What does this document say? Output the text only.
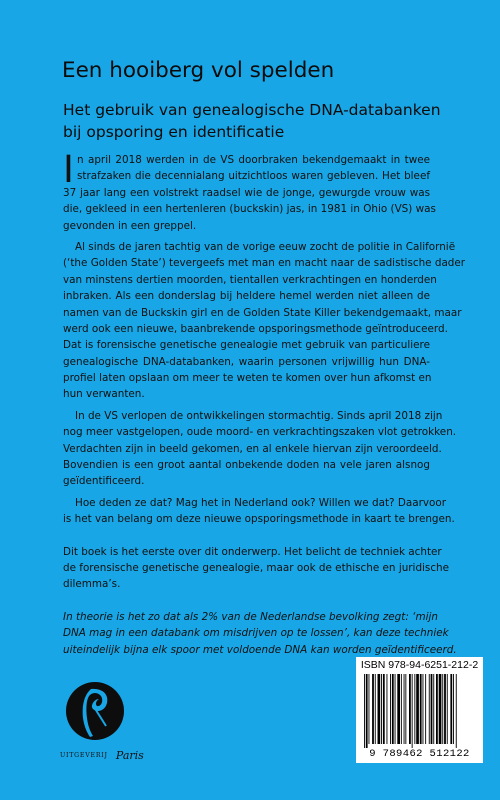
Een hooiberg vol spelden
Het gebruik van genealogische DNA-databanken
bij opsporing en identificatie
I n april 2018 werden in de VS doorbraken bekendgemaakt in twee
strafzaken die decennialang uitzichtloos waren gebleven. Het bleef
37 jaar lang een volstrekt raadsel wie de jonge, gewurgde vrouw was
die, gekleed in een hertenleren (buckskin) jas, in 1981 in Ohio (VS) was
gevonden in een greppel.
Al sinds de jaren tachtig van de vorige eeuw zocht de politie in Californië
(‘the Golden State’) tevergeefs met man en macht naar de sadistische dader
van minstens dertien moorden, tientallen verkrachtingen en honderden
inbraken. Als een donderslag bij heldere hemel werden niet alleen de
namen van de Buckskin girl en de Golden State Killer bekendgemaakt, maar
werd ook een nieuwe, baanbrekende opsporingsmethode geïntroduceerd.
Dat is forensische genetische genealogie met gebruik van particuliere
genealogische DNA-databanken, waarin personen vrijwillig hun DNA-
profiel laten opslaan om meer te weten te komen over hun afkomst en
hun verwanten.
In de VS verlopen de ontwikkelingen stormachtig. Sinds april 2018 zijn
nog meer vastgelopen, oude moord- en verkrachtingszaken vlot getrokken.
Verdachten zijn in beeld gekomen, en al enkele hiervan zijn veroordeeld.
Bovendien is een groot aantal onbekende doden na vele jaren alsnog
geïdentificeerd.
Hoe deden ze dat? Mag het in Nederland ook? Willen we dat? Daarvoor
is het van belang om deze nieuwe opsporingsmethode in kaart te brengen.
Dit boek is het eerste over dit onderwerp. Het belicht de techniek achter
de forensische genetische genealogie, maar ook de ethische en juridische
dilemma’s.
In theorie is het zo dat als 2% van de Nederlandse bevolking zegt: ‘mijn
DNA mag in een databank om misdrijven op te lossen’, kan deze techniek
uiteindelijk bijna elk spoor met voldoende DNA kan worden geïdentificeerd.
ISBN 978-94-6251-212-2
9 789462 512122
UITGEVERIJ Paris
